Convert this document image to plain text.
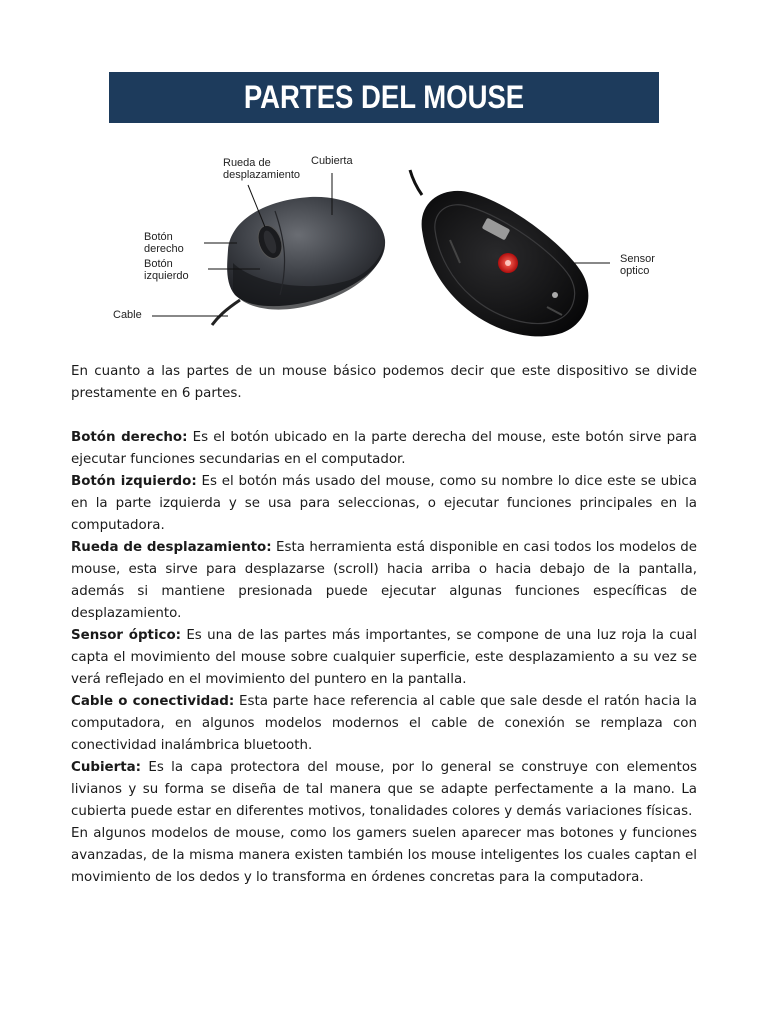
PARTES DEL MOUSE
Rueda de
desplazamiento
Cubierta
Botón
derecho
Botón
izquierdo
Cable
Sensor
optico

En cuanto a las partes de un mouse básico podemos decir que este dispositivo se divide prestamente en 6 partes.

Botón derecho: Es el botón ubicado en la parte derecha del mouse, este botón sirve para ejecutar funciones secundarias en el computador.

Botón izquierdo: Es el botón más usado del mouse, como su nombre lo dice este se ubica en la parte izquierda y se usa para seleccionas, o ejecutar funciones principales en la computadora.

Rueda de desplazamiento: Esta herramienta está disponible en casi todos los modelos de mouse, esta sirve para desplazarse (scroll) hacia arriba o hacia debajo de la pantalla, además si mantiene presionada puede ejecutar algunas funciones específicas de desplazamiento.

Sensor óptico: Es una de las partes más importantes, se compone de una luz roja la cual capta el movimiento del mouse sobre cualquier superficie, este desplazamiento a su vez se verá reflejado en el movimiento del puntero en la pantalla.

Cable o conectividad: Esta parte hace referencia al cable que sale desde el ratón hacia la computadora, en algunos modelos modernos el cable de conexión se remplaza con conectividad inalámbrica bluetooth.

Cubierta: Es la capa protectora del mouse, por lo general se construye con elementos livianos y su forma se diseña de tal manera que se adapte perfectamente a la mano. La cubierta puede estar en diferentes motivos, tonalidades colores y demás variaciones físicas.

En algunos modelos de mouse, como los gamers suelen aparecer mas botones y funciones avanzadas, de la misma manera existen también los mouse inteligentes los cuales captan el movimiento de los dedos y lo transforma en órdenes concretas para la computadora.
